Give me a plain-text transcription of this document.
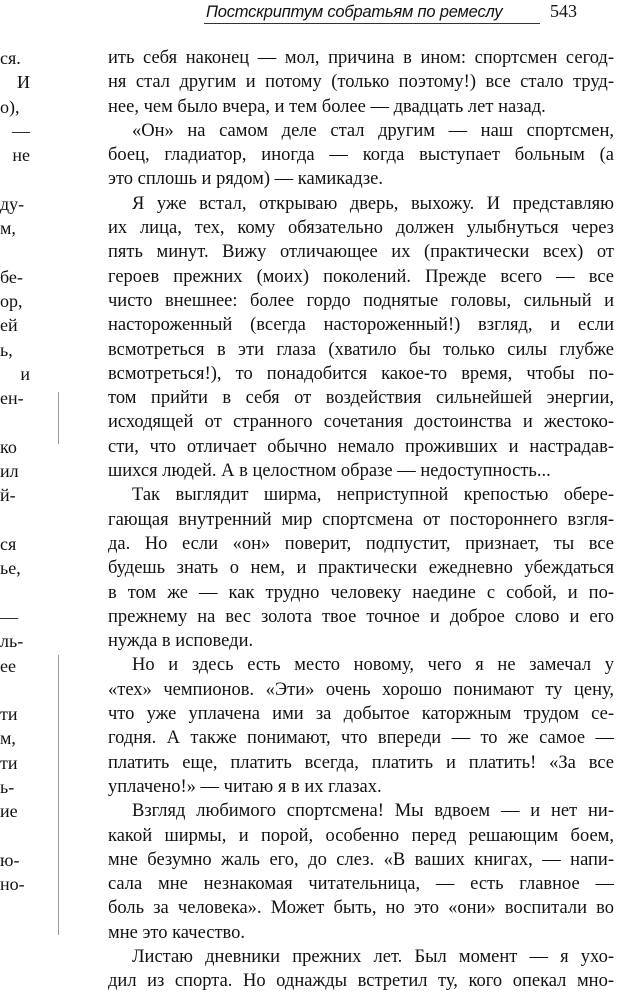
Постскриптум собратьям по ремеслу	543
ся.
И
о),
—
не
ду-
м,
бе-
ор,
ей
ь,
и
ен-
ко
ил
й-
ся
ье,
—
ль-
ее
ти
м,
ти
ь-
ие
ю-
но-
ить себя наконец — мол, причина в ином: спортсмен сегод-
ня стал другим и потому (только поэтому!) все стало труд-
нее, чем было вчера, и тем более — двадцать лет назад.
«Он» на самом деле стал другим — наш спортсмен,
боец, гладиатор, иногда — когда выступает больным (а
это сплошь и рядом) — камикадзе.
Я уже встал, открываю дверь, выхожу. И представляю
их лица, тех, кому обязательно должен улыбнуться через
пять минут. Вижу отличающее их (практически всех) от
героев прежних (моих) поколений. Прежде всего — все
чисто внешнее: более гордо поднятые головы, сильный и
настороженный (всегда настороженный!) взгляд, и если
всмотреться в эти глаза (хватило бы только силы глубже
всмотреться!), то понадобится какое-то время, чтобы по-
том прийти в себя от воздействия сильнейшей энергии,
исходящей от странного сочетания достоинства и жестоко-
сти, что отличает обычно немало проживших и настрадав-
шихся людей. А в целостном образе — недоступность...
Так выглядит ширма, неприступной крепостью обере-
гающая внутренний мир спортсмена от постороннего взгля-
да. Но если «он» поверит, подпустит, признает, ты все
будешь знать о нем, и практически ежедневно убеждаться
в том же — как трудно человеку наедине с собой, и по-
прежнему на вес золота твое точное и доброе слово и его
нужда в исповеди.
Но и здесь есть место новому, чего я не замечал у
«тех» чемпионов. «Эти» очень хорошо понимают ту цену,
что уже уплачена ими за добытое каторжным трудом се-
годня. А также понимают, что впереди — то же самое —
платить еще, платить всегда, платить и платить! «За все
уплачено!» — читаю я в их глазах.
Взгляд любимого спортсмена! Мы вдвоем — и нет ни-
какой ширмы, и порой, особенно перед решающим боем,
мне безумно жаль его, до слез. «В ваших книгах, — напи-
сала мне незнакомая читательница, — есть главное —
боль за человека». Может быть, но это «они» воспитали во
мне это качество.
Листаю дневники прежних лет. Был момент — я ухо-
дил из спорта. Но однажды встретил ту, кого опекал мно-
